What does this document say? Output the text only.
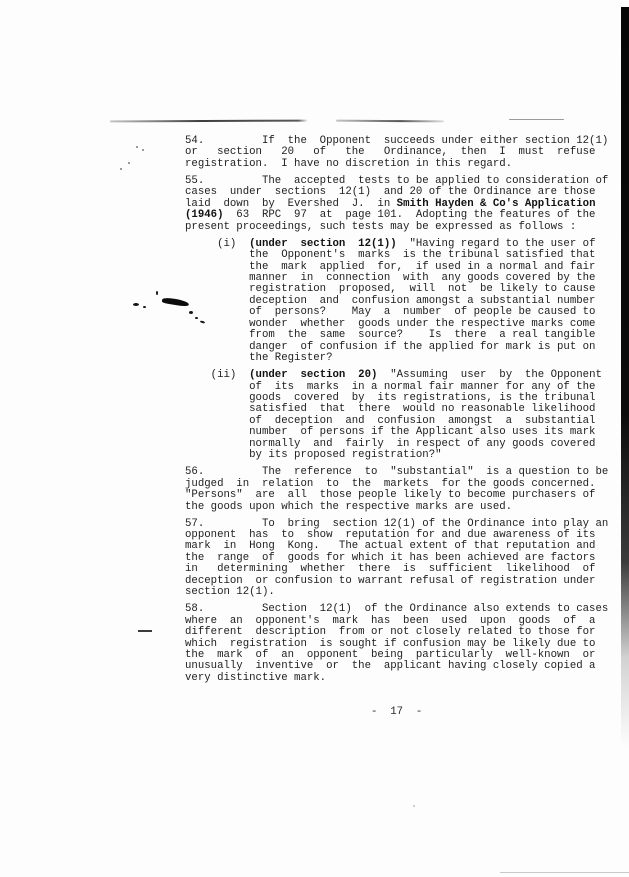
54.         If  the  Opponent  succeeds under either section 12(1)
or   section   20   of   the   Ordinance,  then  I  must  refuse
registration.  I have no discretion in this regard.
55.         The  accepted  tests to be applied to consideration of
cases  under  sections  12(1)  and 20 of the Ordinance are those
laid  down  by  Evershed  J.  in Smith Hayden & Co's Application
(1946)  63  RPC  97  at  page 101.  Adopting the features of the
present proceedings, such tests may be expressed as follows :
(i)  (under  section  12(1))  "Having regard to the user of
the  Opponent's  marks  is the tribunal satisfied that
the  mark  applied  for,  if used in a normal and fair
manner  in  connection  with  any goods covered by the
registration  proposed,  will  not  be likely to cause
deception  and  confusion amongst a substantial number
of  persons?    May  a  number  of people be caused to
wonder  whether  goods under the respective marks come
from  the  same  source?    Is  there  a real tangible
danger  of confusion if the applied for mark is put on
the Register?
(ii)  (under  section  20)  "Assuming  user  by  the Opponent
of  its  marks  in a normal fair manner for any of the
goods  covered  by  its registrations, is the tribunal
satisfied  that  there  would no reasonable likelihood
of  deception  and  confusion  amongst  a  substantial
number  of persons if the Applicant also uses its mark
normally  and  fairly  in respect of any goods covered
by its proposed registration?"
56.         The  reference  to  "substantial"  is a question to be
judged  in  relation  to  the  markets  for the goods concerned.
"Persons"  are  all  those people likely to become purchasers of
the goods upon which the respective marks are used.
57.         To  bring  section 12(1) of the Ordinance into play an
opponent  has  to  show  reputation for and due awareness of its
mark  in  Hong  Kong.   The actual extent of that reputation and
the  range  of  goods for which it has been achieved are factors
in   determining  whether  there  is  sufficient  likelihood  of
deception  or confusion to warrant refusal of registration under
section 12(1).
58.         Section  12(1)  of the Ordinance also extends to cases
where  an  opponent's  mark  has  been  used  upon  goods  of  a
different  description  from or not closely related to those for
which  registration  is sought if confusion may be likely due to
the  mark  of  an  opponent  being  particularly  well-known  or
unusually  inventive  or  the  applicant having closely copied a
very distinctive mark.
-  17  -
